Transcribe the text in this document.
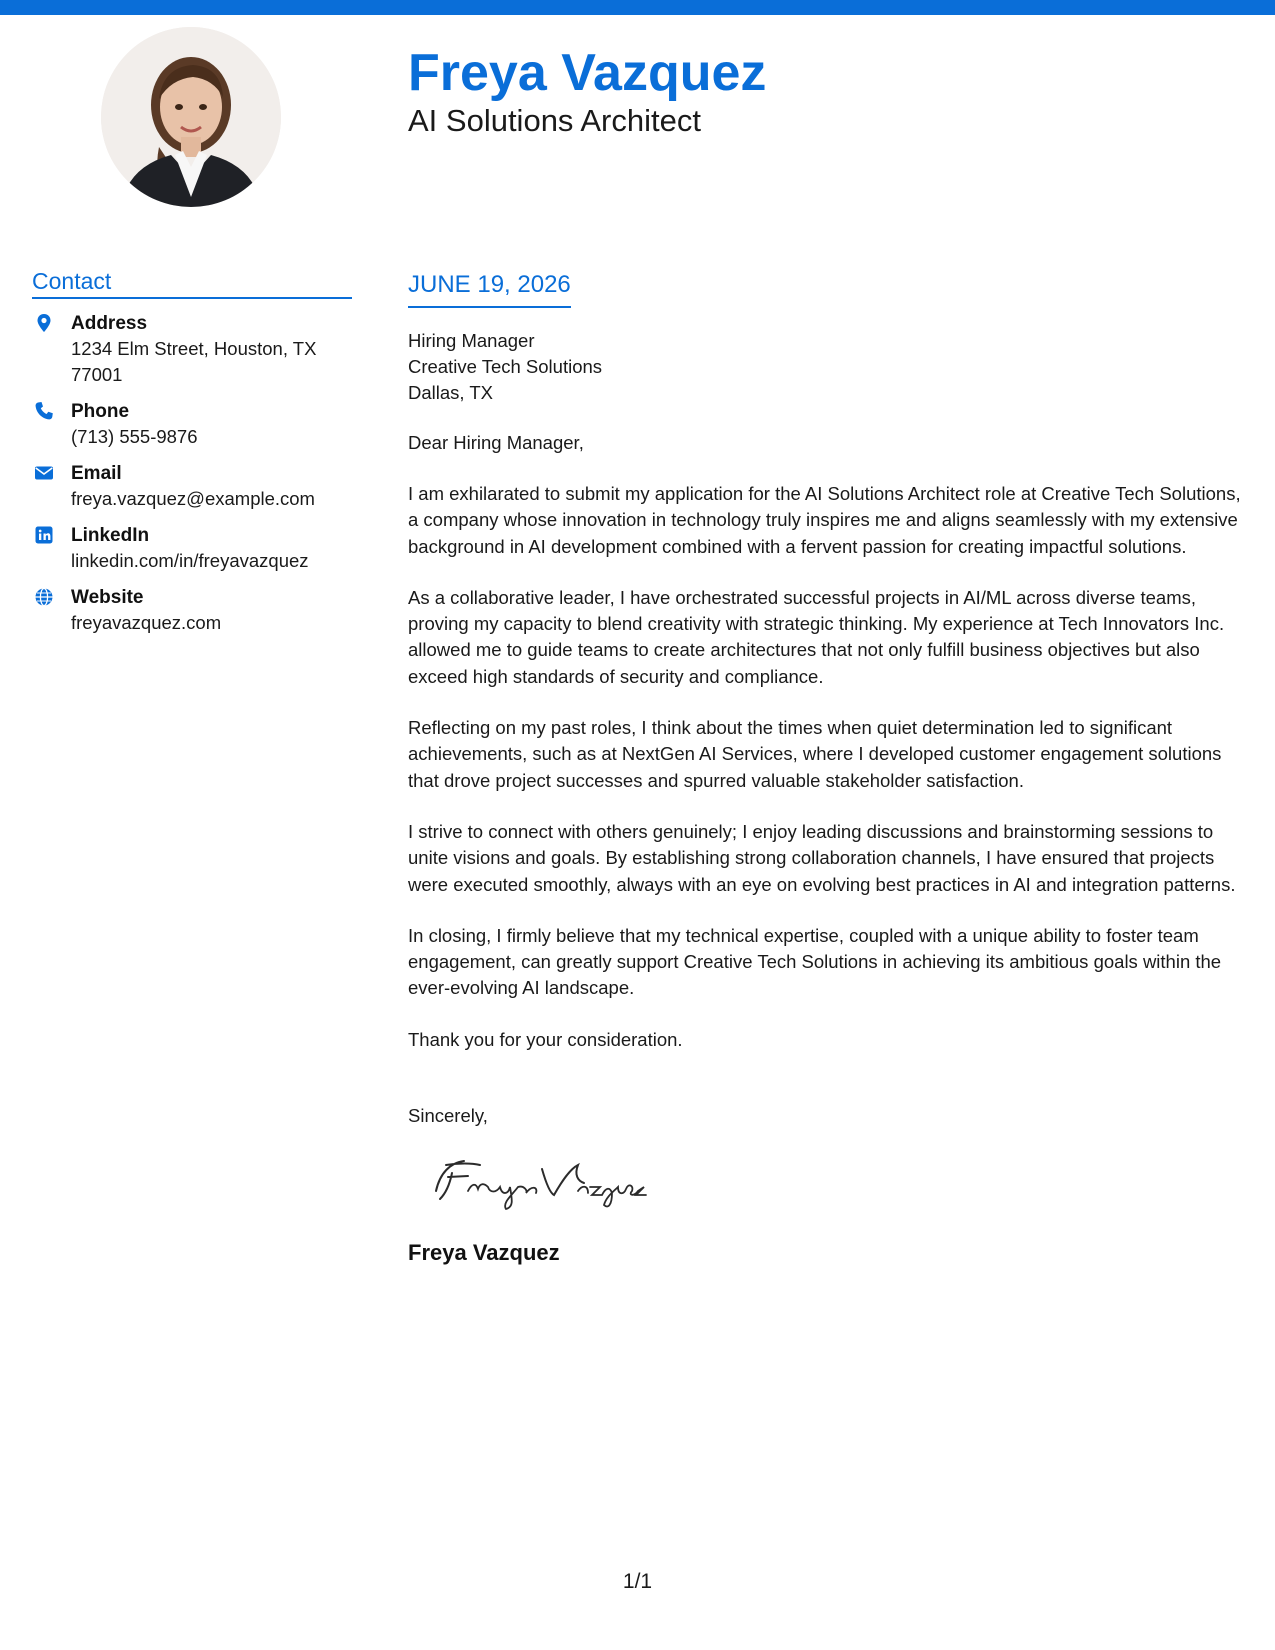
Freya Vazquez
AI Solutions Architect
Contact
Address
1234 Elm Street, Houston, TX 77001
Phone
(713) 555-9876
Email
freya.vazquez@example.com
LinkedIn
linkedin.com/in/freyavazquez
Website
freyavazquez.com
JUNE 19, 2026
Hiring Manager
Creative Tech Solutions
Dallas, TX
Dear Hiring Manager,

I am exhilarated to submit my application for the AI Solutions Architect role at Creative Tech Solutions, a company whose innovation in technology truly inspires me and aligns seamlessly with my extensive background in AI development combined with a fervent passion for creating impactful solutions.

As a collaborative leader, I have orchestrated successful projects in AI/ML across diverse teams, proving my capacity to blend creativity with strategic thinking. My experience at Tech Innovators Inc. allowed me to guide teams to create architectures that not only fulfill business objectives but also exceed high standards of security and compliance.

Reflecting on my past roles, I think about the times when quiet determination led to significant achievements, such as at NextGen AI Services, where I developed customer engagement solutions that drove project successes and spurred valuable stakeholder satisfaction.

I strive to connect with others genuinely; I enjoy leading discussions and brainstorming sessions to unite visions and goals. By establishing strong collaboration channels, I have ensured that projects were executed smoothly, always with an eye on evolving best practices in AI and integration patterns.

In closing, I firmly believe that my technical expertise, coupled with a unique ability to foster team engagement, can greatly support Creative Tech Solutions in achieving its ambitious goals within the ever-evolving AI landscape.

Thank you for your consideration.

Sincerely,
Freya Vazquez
1/1
